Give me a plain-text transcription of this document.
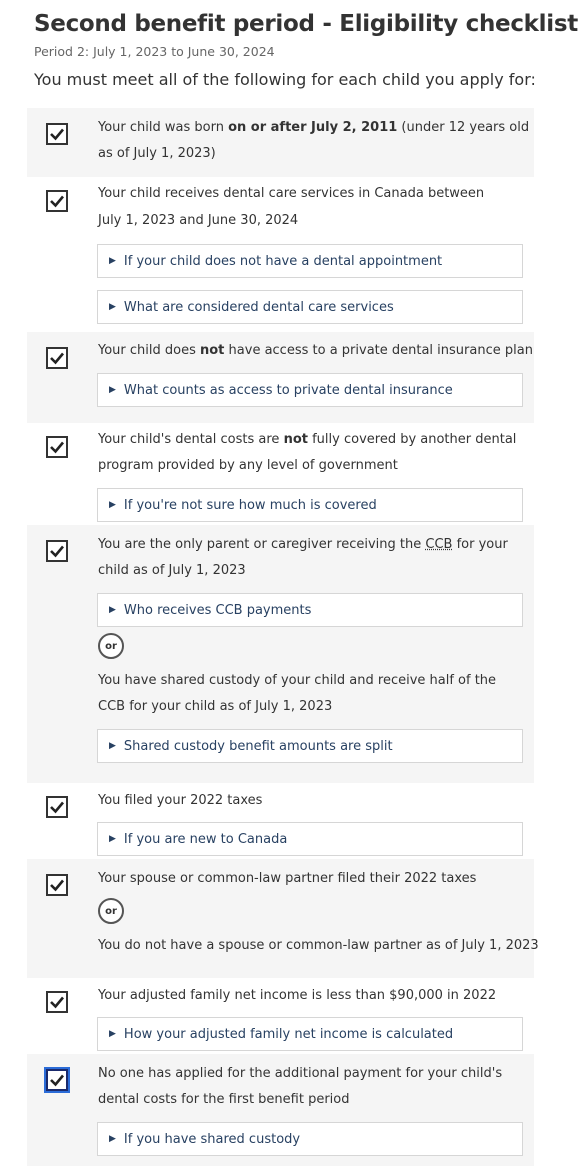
Second benefit period - Eligibility checklist
Period 2: July 1, 2023 to June 30, 2024
You must meet all of the following for each child you apply for:
Your child was born on or after July 2, 2011 (under 12 years old as of July 1, 2023)
Your child receives dental care services in Canada between
July 1, 2023 and June 30, 2024
▶ If your child does not have a dental appointment
▶ What are considered dental care services
Your child does not have access to a private dental insurance plan
▶ What counts as access to private dental insurance
Your child's dental costs are not fully covered by another dental program provided by any level of government
▶ If you're not sure how much is covered
You are the only parent or caregiver receiving the CCB for your child as of July 1, 2023
▶ Who receives CCB payments
or
You have shared custody of your child and receive half of the CCB for your child as of July 1, 2023
▶ Shared custody benefit amounts are split
You filed your 2022 taxes
▶ If you are new to Canada
Your spouse or common-law partner filed their 2022 taxes
or
You do not have a spouse or common-law partner as of July 1, 2023
Your adjusted family net income is less than $90,000 in 2022
▶ How your adjusted family net income is calculated
No one has applied for the additional payment for your child's dental costs for the first benefit period
▶ If you have shared custody
